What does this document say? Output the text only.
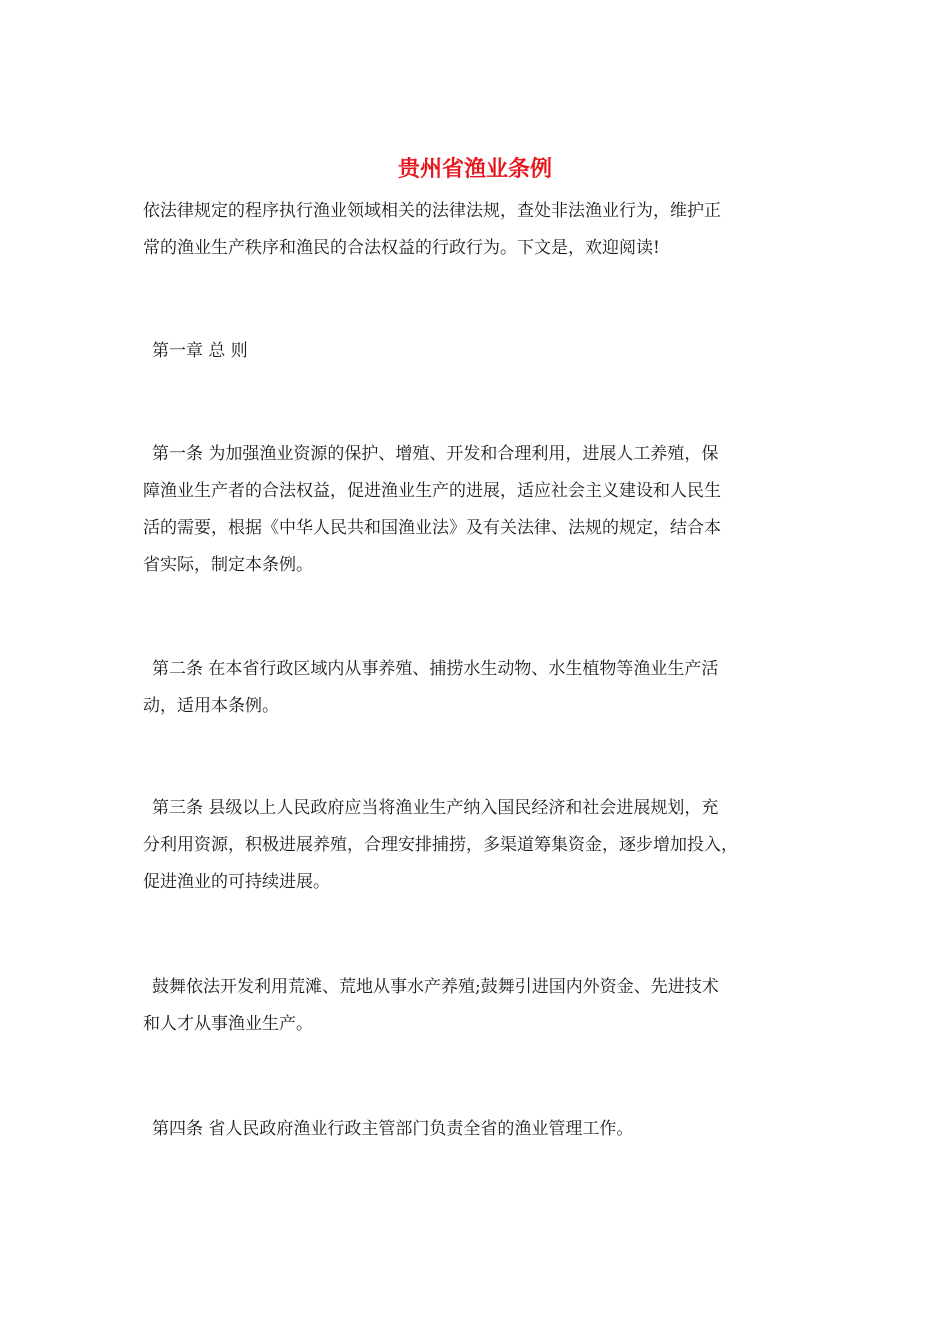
贵州省渔业条例

依法律规定的程序执行渔业领域相关的法律法规，查处非法渔业行为，维护正
常的渔业生产秩序和渔民的合法权益的行政行为。下文是，欢迎阅读!

第一章 总 则

第一条 为加强渔业资源的保护、增殖、开发和合理利用，进展人工养殖，保
障渔业生产者的合法权益，促进渔业生产的进展，适应社会主义建设和人民生
活的需要，根据《中华人民共和国渔业法》及有关法律、法规的规定，结合本
省实际，制定本条例。

第二条 在本省行政区域内从事养殖、捕捞水生动物、水生植物等渔业生产活
动，适用本条例。

第三条 县级以上人民政府应当将渔业生产纳入国民经济和社会进展规划，充
分利用资源，积极进展养殖，合理安排捕捞，多渠道筹集资金，逐步增加投入，
促进渔业的可持续进展。

鼓舞依法开发利用荒滩、荒地从事水产养殖;鼓舞引进国内外资金、先进技术
和人才从事渔业生产。

第四条 省人民政府渔业行政主管部门负责全省的渔业管理工作。
